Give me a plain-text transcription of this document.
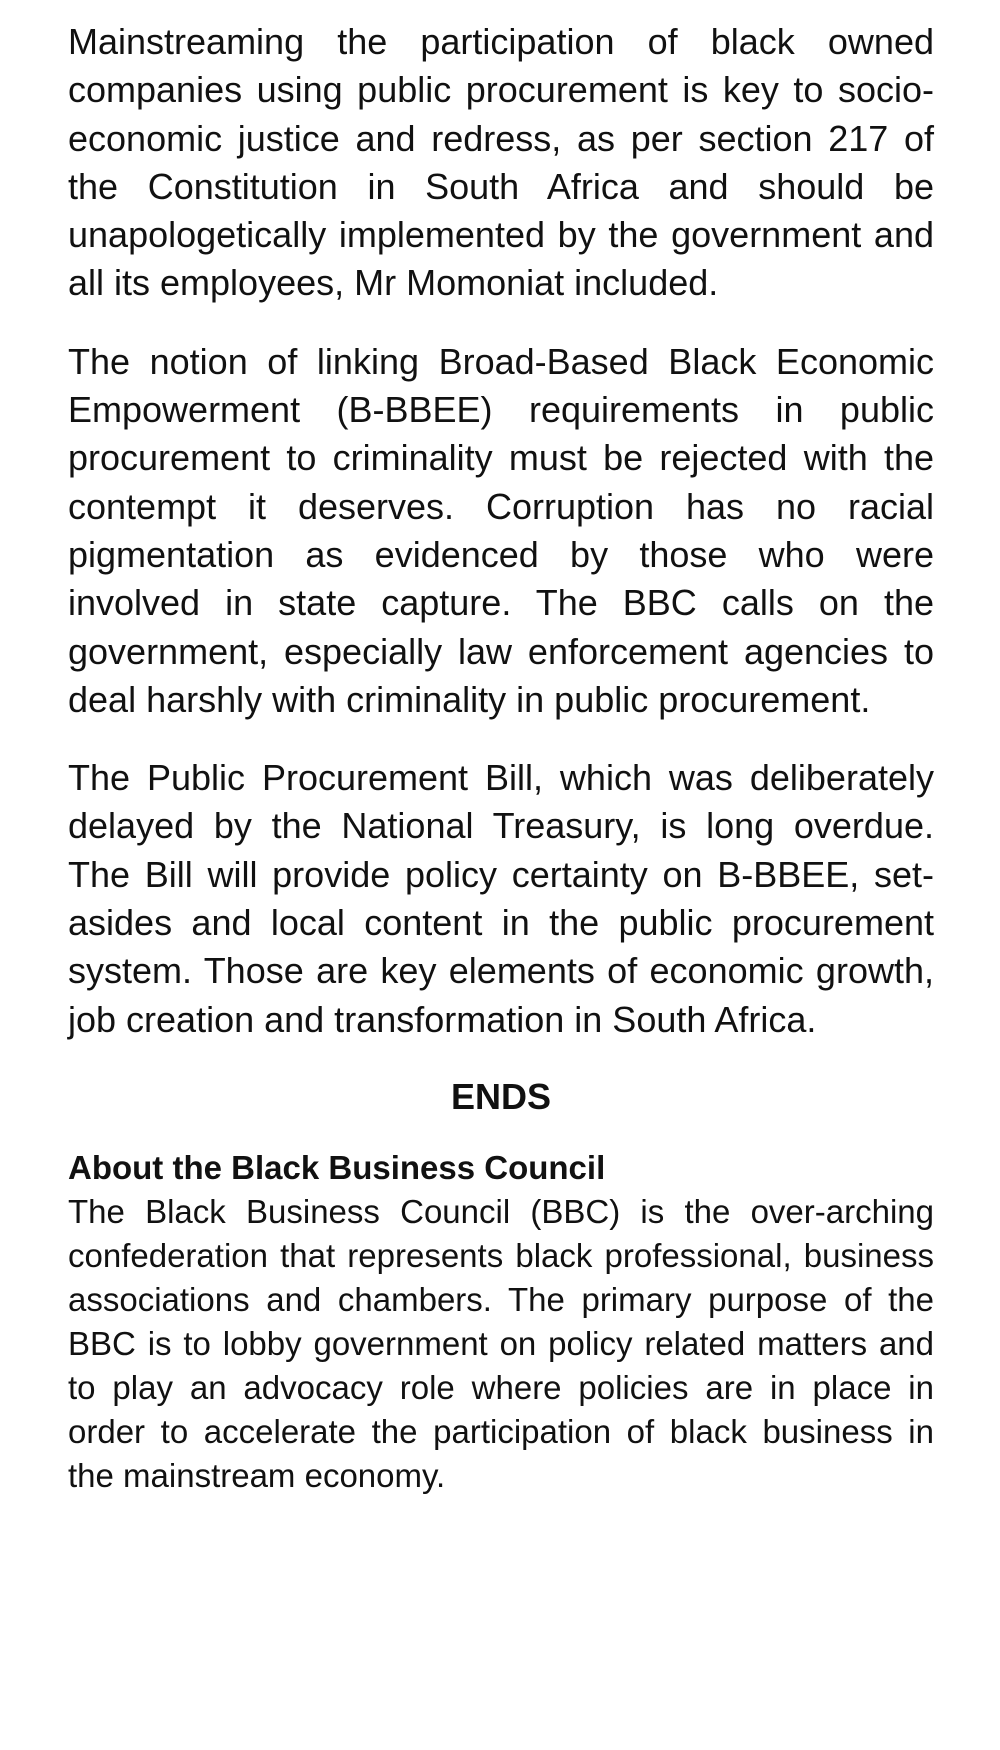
Mainstreaming the participation of black owned companies using public procurement is key to socio-economic justice and redress, as per section 217 of the Constitution in South Africa and should be unapologetically implemented by the government and all its employees, Mr Momoniat included.

The notion of linking Broad-Based Black Economic Empowerment (B-BBEE) requirements in public procurement to criminality must be rejected with the contempt it deserves. Corruption has no racial pigmentation as evidenced by those who were involved in state capture. The BBC calls on the government, especially law enforcement agencies to deal harshly with criminality in public procurement.

The Public Procurement Bill, which was deliberately delayed by the National Treasury, is long overdue. The Bill will provide policy certainty on B-BBEE, set-asides and local content in the public procurement system. Those are key elements of economic growth, job creation and transformation in South Africa.

ENDS
About the Black Business Council

The Black Business Council (BBC) is the over-arching confederation that represents black professional, business associations and chambers. The primary purpose of the BBC is to lobby government on policy related matters and to play an advocacy role where policies are in place in order to accelerate the participation of black business in the mainstream economy.
